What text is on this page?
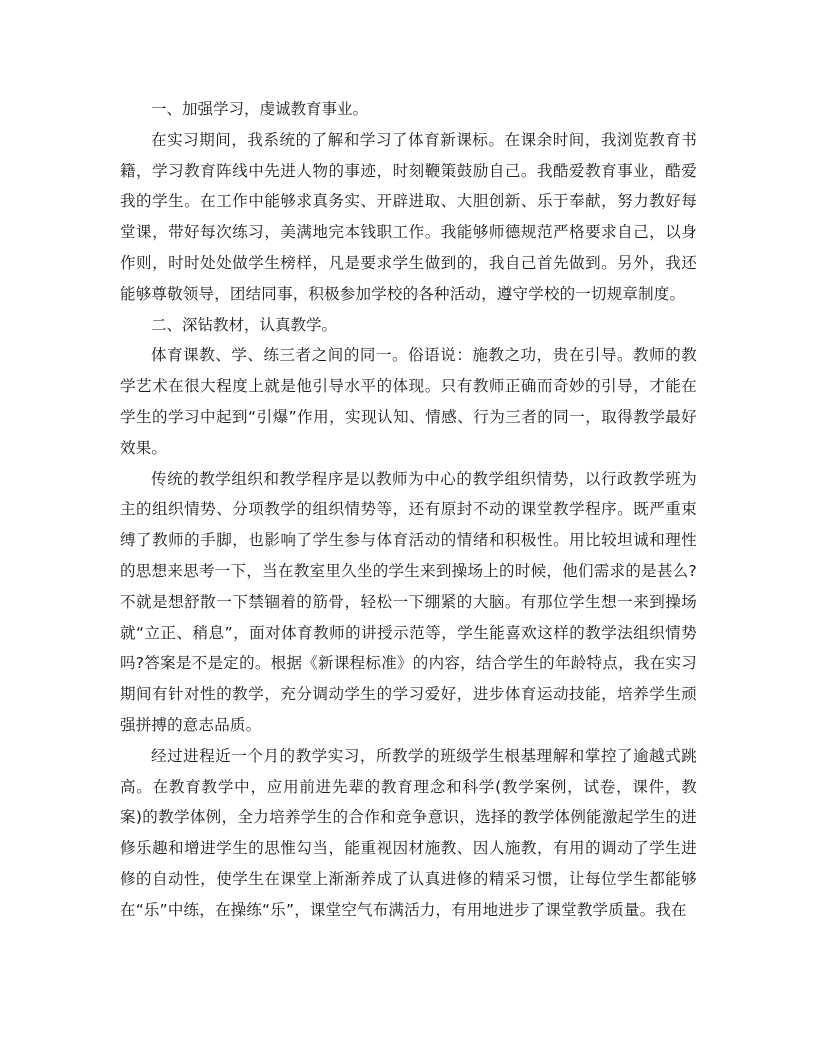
一、加强学习，虔诚教育事业。

在实习期间，我系统的了解和学习了体育新课标。在课余时间，我浏览教育书籍，学习教育阵线中先进人物的事迹，时刻鞭策鼓励自己。我酷爱教育事业，酷爱我的学生。在工作中能够求真务实、开辟进取、大胆创新、乐于奉献，努力教好每堂课，带好每次练习，美满地完本钱职工作。我能够师德规范严格要求自己，以身作则，时时处处做学生榜样，凡是要求学生做到的，我自己首先做到。另外，我还能够尊敬领导，团结同事，积极参加学校的各种活动，遵守学校的一切规章制度。

二、深钻教材，认真教学。

体育课教、学、练三者之间的同一。俗语说：施教之功，贵在引导。教师的教学艺术在很大程度上就是他引导水平的体现。只有教师正确而奇妙的引导，才能在学生的学习中起到“引爆”作用，实现认知、情感、行为三者的同一，取得教学最好效果。

传统的教学组织和教学程序是以教师为中心的教学组织情势，以行政教学班为主的组织情势、分项教学的组织情势等，还有原封不动的课堂教学程序。既严重束缚了教师的手脚，也影响了学生参与体育活动的情绪和积极性。用比较坦诚和理性的思想来思考一下，当在教室里久坐的学生来到操场上的时候，他们需求的是甚么?不就是想舒散一下禁锢着的筋骨，轻松一下绷紧的大脑。有那位学生想一来到操场就“立正、稍息”，面对体育教师的讲授示范等，学生能喜欢这样的教学法组织情势吗?答案是不是定的。根据《新课程标准》的内容，结合学生的年龄特点，我在实习期间有针对性的教学，充分调动学生的学习爱好，进步体育运动技能，培养学生顽强拼搏的意志品质。

经过进程近一个月的教学实习，所教学的班级学生根基理解和掌控了逾越式跳高。在教育教学中，应用前进先辈的教育理念和科学(教学案例，试卷，课件，教案)的教学体例，全力培养学生的合作和竞争意识，选择的教学体例能激起学生的进修乐趣和增进学生的思惟勾当，能重视因材施教、因人施教，有用的调动了学生进修的自动性，使学生在课堂上渐渐养成了认真进修的精采习惯，让每位学生都能够在“乐”中练，在操练“乐”，课堂空气布满活力，有用地进步了课堂教学质量。我在
